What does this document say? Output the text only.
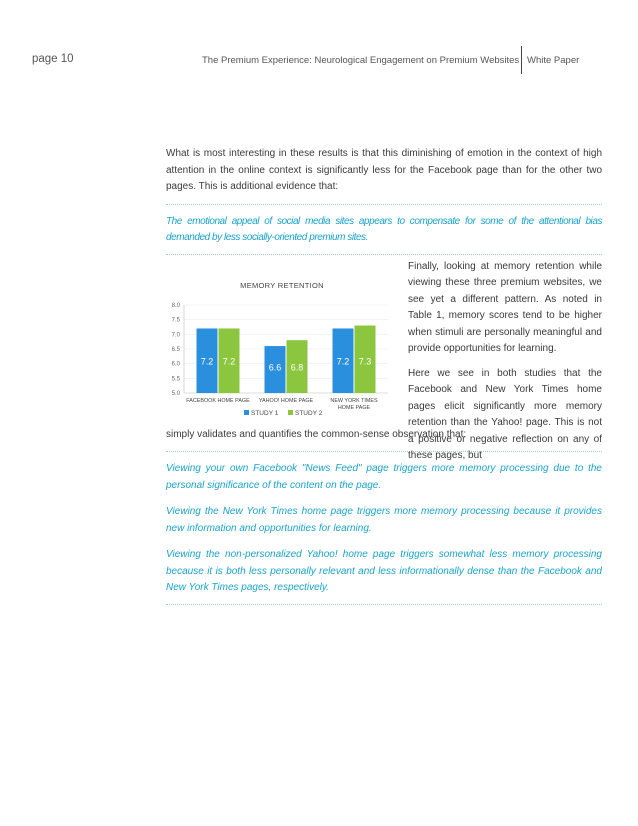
page 10	The Premium Experience: Neurological Engagement on Premium Websites White Paper

What is most interesting in these results is that this diminishing of emotion in the context of high attention in the online context is significantly less for the Facebook page than for the other two pages. This is additional evidence that:

The emotional appeal of social media sites appears to compensate for some of the attentional bias demanded by less socially-oriented premium sites.

MEMORY RETENTION
5.0
5.5
6.0
6.5
7.0
7.5
8.0
7.2 7.2
6.6 6.8
7.2 7.3
FACEBOOK HOME PAGE YAHOO! HOME PAGE	NEW YORK TIMES
HOME PAGE
STUDY 1	STUDY 2

Finally, looking at memory retention while viewing these three premium websites, we see yet a different pattern. As noted in Table 1, memory scores tend to be higher when stimuli are personally meaningful and provide opportunities for learning.

Here we see in both studies that the Facebook and New York Times home pages elicit significantly more memory retention than the Yahoo! page. This is not a positive or negative reflection on any of these pages, but

simply validates and quantifies the common-sense observation that:

Viewing your own Facebook "News Feed" page triggers more memory processing due to the personal significance of the content on the page.

Viewing the New York Times home page triggers more memory processing because it provides new information and opportunities for learning.

Viewing the non-personalized Yahoo! home page triggers somewhat less memory processing because it is both less personally relevant and less informationally dense than the Facebook and New York Times pages, respectively.
